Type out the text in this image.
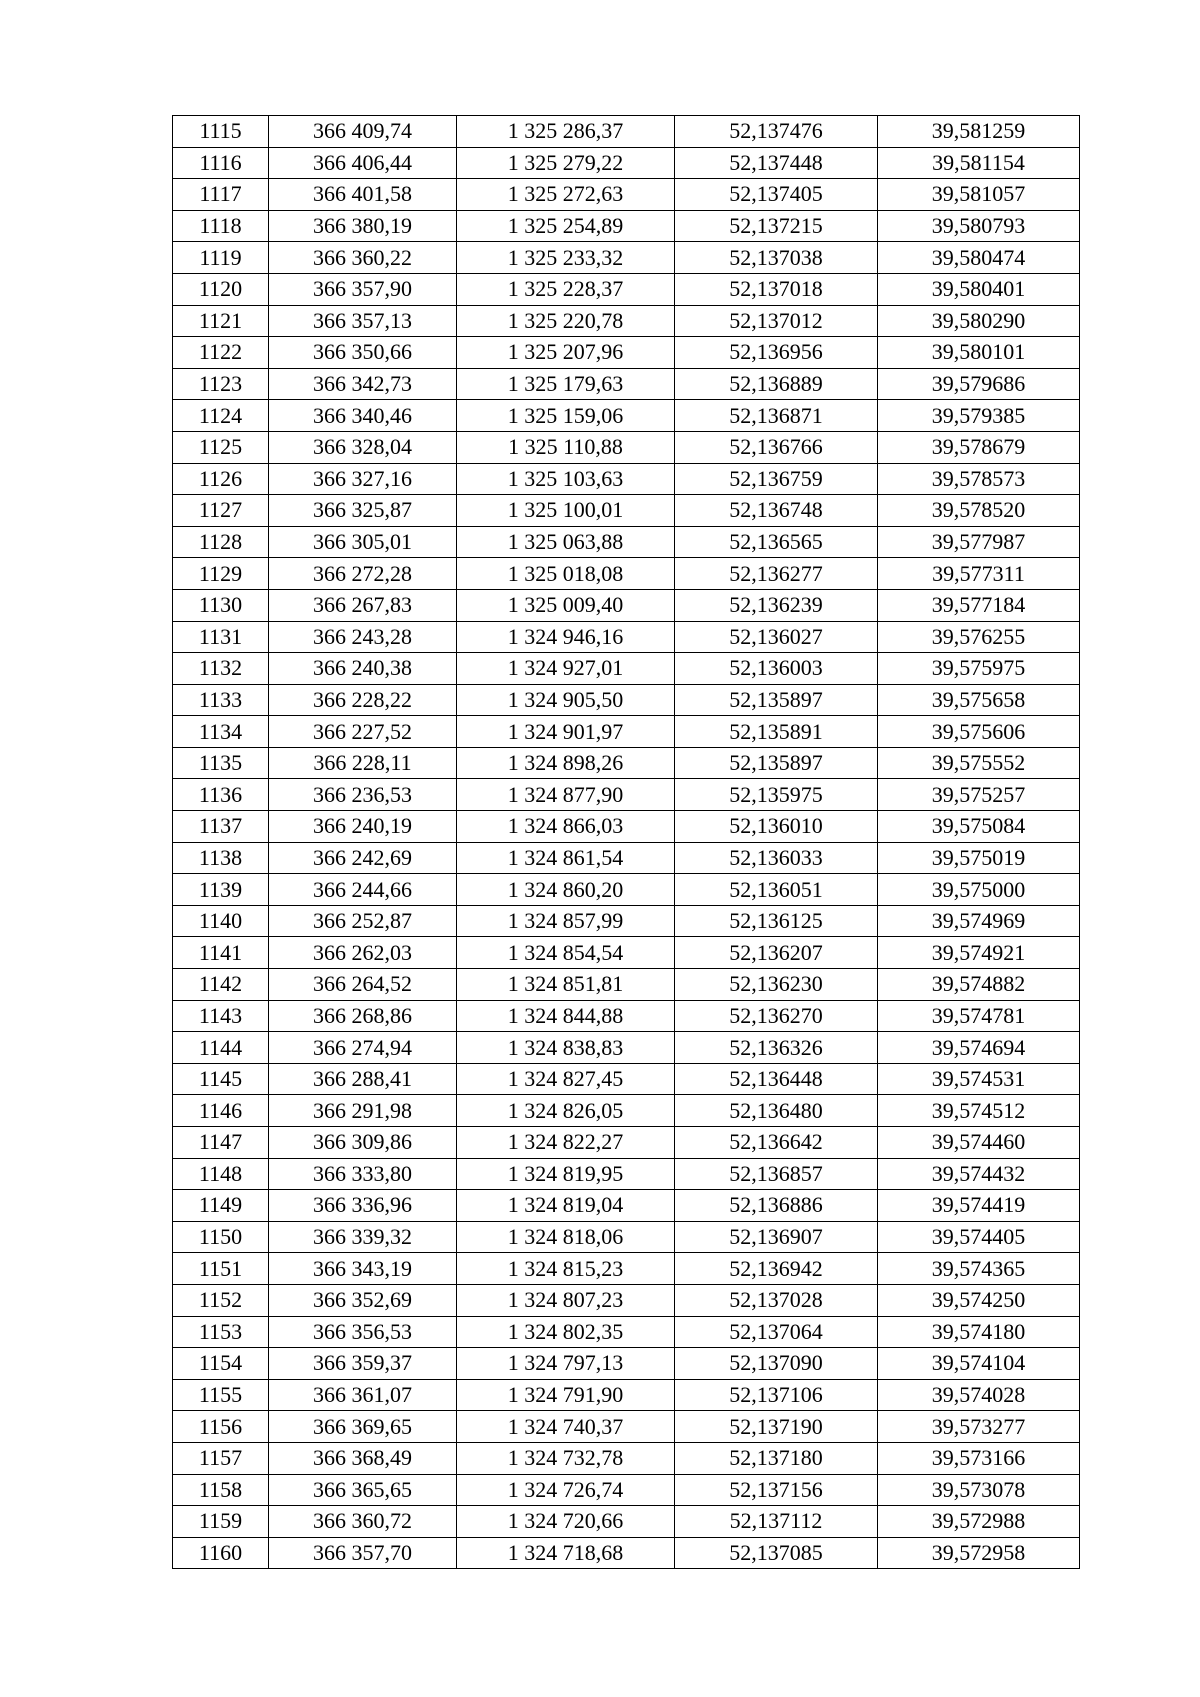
1115	366 409,74	1 325 286,37	52,137476	39,581259
1116	366 406,44	1 325 279,22	52,137448	39,581154
1117	366 401,58	1 325 272,63	52,137405	39,581057
1118	366 380,19	1 325 254,89	52,137215	39,580793
1119	366 360,22	1 325 233,32	52,137038	39,580474
1120	366 357,90	1 325 228,37	52,137018	39,580401
1121	366 357,13	1 325 220,78	52,137012	39,580290
1122	366 350,66	1 325 207,96	52,136956	39,580101
1123	366 342,73	1 325 179,63	52,136889	39,579686
1124	366 340,46	1 325 159,06	52,136871	39,579385
1125	366 328,04	1 325 110,88	52,136766	39,578679
1126	366 327,16	1 325 103,63	52,136759	39,578573
1127	366 325,87	1 325 100,01	52,136748	39,578520
1128	366 305,01	1 325 063,88	52,136565	39,577987
1129	366 272,28	1 325 018,08	52,136277	39,577311
1130	366 267,83	1 325 009,40	52,136239	39,577184
1131	366 243,28	1 324 946,16	52,136027	39,576255
1132	366 240,38	1 324 927,01	52,136003	39,575975
1133	366 228,22	1 324 905,50	52,135897	39,575658
1134	366 227,52	1 324 901,97	52,135891	39,575606
1135	366 228,11	1 324 898,26	52,135897	39,575552
1136	366 236,53	1 324 877,90	52,135975	39,575257
1137	366 240,19	1 324 866,03	52,136010	39,575084
1138	366 242,69	1 324 861,54	52,136033	39,575019
1139	366 244,66	1 324 860,20	52,136051	39,575000
1140	366 252,87	1 324 857,99	52,136125	39,574969
1141	366 262,03	1 324 854,54	52,136207	39,574921
1142	366 264,52	1 324 851,81	52,136230	39,574882
1143	366 268,86	1 324 844,88	52,136270	39,574781
1144	366 274,94	1 324 838,83	52,136326	39,574694
1145	366 288,41	1 324 827,45	52,136448	39,574531
1146	366 291,98	1 324 826,05	52,136480	39,574512
1147	366 309,86	1 324 822,27	52,136642	39,574460
1148	366 333,80	1 324 819,95	52,136857	39,574432
1149	366 336,96	1 324 819,04	52,136886	39,574419
1150	366 339,32	1 324 818,06	52,136907	39,574405
1151	366 343,19	1 324 815,23	52,136942	39,574365
1152	366 352,69	1 324 807,23	52,137028	39,574250
1153	366 356,53	1 324 802,35	52,137064	39,574180
1154	366 359,37	1 324 797,13	52,137090	39,574104
1155	366 361,07	1 324 791,90	52,137106	39,574028
1156	366 369,65	1 324 740,37	52,137190	39,573277
1157	366 368,49	1 324 732,78	52,137180	39,573166
1158	366 365,65	1 324 726,74	52,137156	39,573078
1159	366 360,72	1 324 720,66	52,137112	39,572988
1160	366 357,70	1 324 718,68	52,137085	39,572958
